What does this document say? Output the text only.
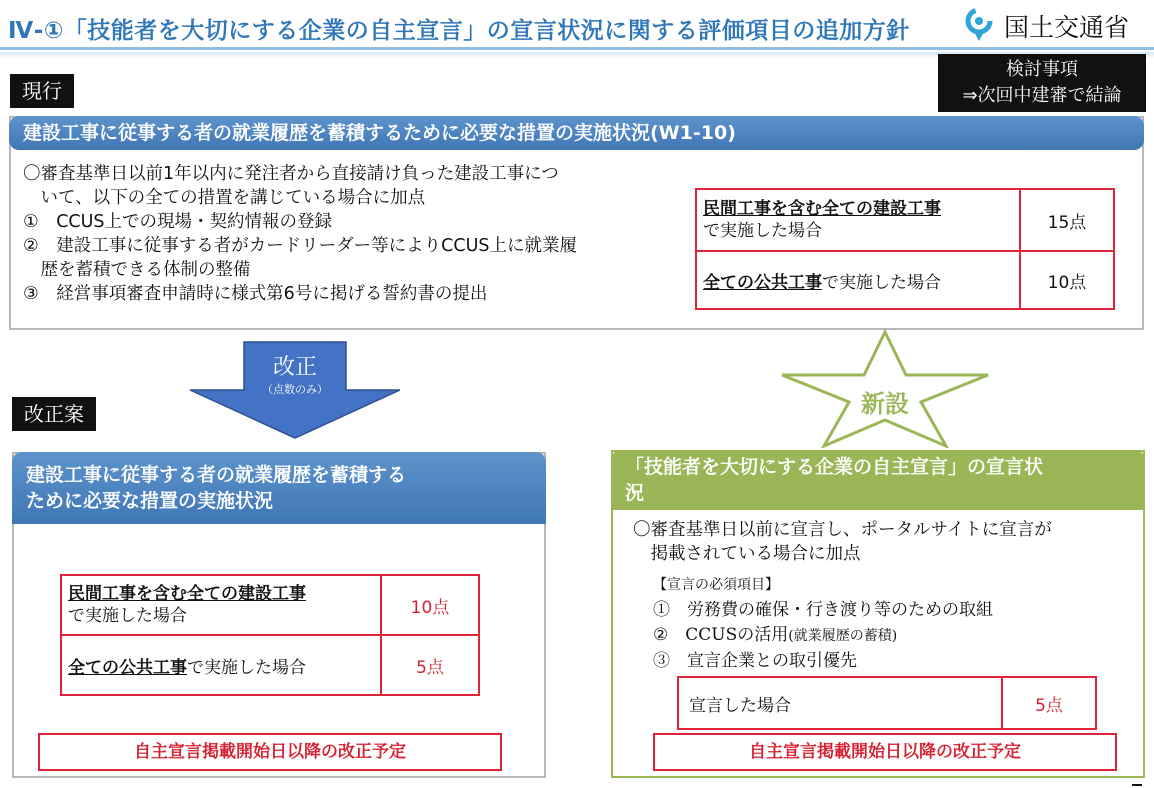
Ⅳ-①「技能者を大切にする企業の自主宣言」の宣言状況に関する評価項目の追加方針	国土交通省
検討事項
⇒次回中建審で結論
現行
建設工事に従事する者の就業履歴を蓄積するために必要な措置の実施状況(W1-10)
〇審査基準日以前1年以内に発注者から直接請け負った建設工事につ
　いて、以下の全ての措置を講じている場合に加点
①　CCUS上での現場・契約情報の登録
②　建設工事に従事する者がカードリーダー等によりCCUS上に就業履
　歴を蓄積できる体制の整備
③　経営事項審査申請時に様式第6号に掲げる誓約書の提出
民間工事を含む全ての建設工事
で実施した場合	15点
全ての公共工事で実施した場合	10点
改正
（点数のみ）
改正案	新設
建設工事に従事する者の就業履歴を蓄積する
ために必要な措置の実施状況
民間工事を含む全ての建設工事
で実施した場合	10点
全ての公共工事で実施した場合	5点
自主宣言掲載開始日以降の改正予定
「技能者を大切にする企業の自主宣言」の宣言状
況
〇審査基準日以前に宣言し、ポータルサイトに宣言が
　掲載されている場合に加点
【宣言の必須項目】
①　労務費の確保・行き渡り等のための取組
②　CCUSの活用(就業履歴の蓄積)
③　宣言企業との取引優先
宣言した場合	5点
自主宣言掲載開始日以降の改正予定
